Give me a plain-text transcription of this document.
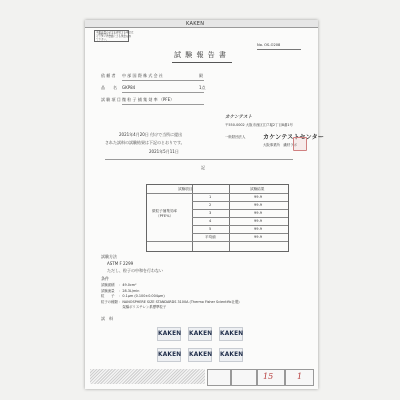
KAKEN
本報告書の全文を複写する場合は
一般財団法人カケンテスト
センターの書面による承認を得
て下さい。
No. OS-O208
試 験 報 告 書
依 頼 者 中 部 国 際 株 式 会 社	殿
品　　名 GKP84	1点
試 験 項 目 微 粒 子 捕 集 効 率 （PFE）
カケンテスト
〒550-0002 大阪市西区江戸堀2丁目8番1号
一般財団法人	カケンテストセンター
大阪事業所　繊材ラボ
2021年4月20日 付けで当所に提出
された試料の試験結果は下記のとおりです。
2021年5月11日
記
試験項目	試験結果
微粒子捕集効率
（PFE%）
1	99.9
2	99.9
3	99.9
4	99.9
5	99.9
平均値	99.9
試験方法
ASTM F 2299
ただし、粒子の中和を行わない
条件
試験面積 ：49.0cm²
試験流量 ：28.3L/min
粒　　子 ：0.1μm (0.100±0.004μm)
粒子の種類 ：NANOSPHERE SIZE STANDARDS 3100A (Thermo Fisher Scientific社製)
　架橋ポリスチレン系標準粒子
試　料
KAKEN KAKEN KAKEN
KAKEN KAKEN KAKEN
15	1
